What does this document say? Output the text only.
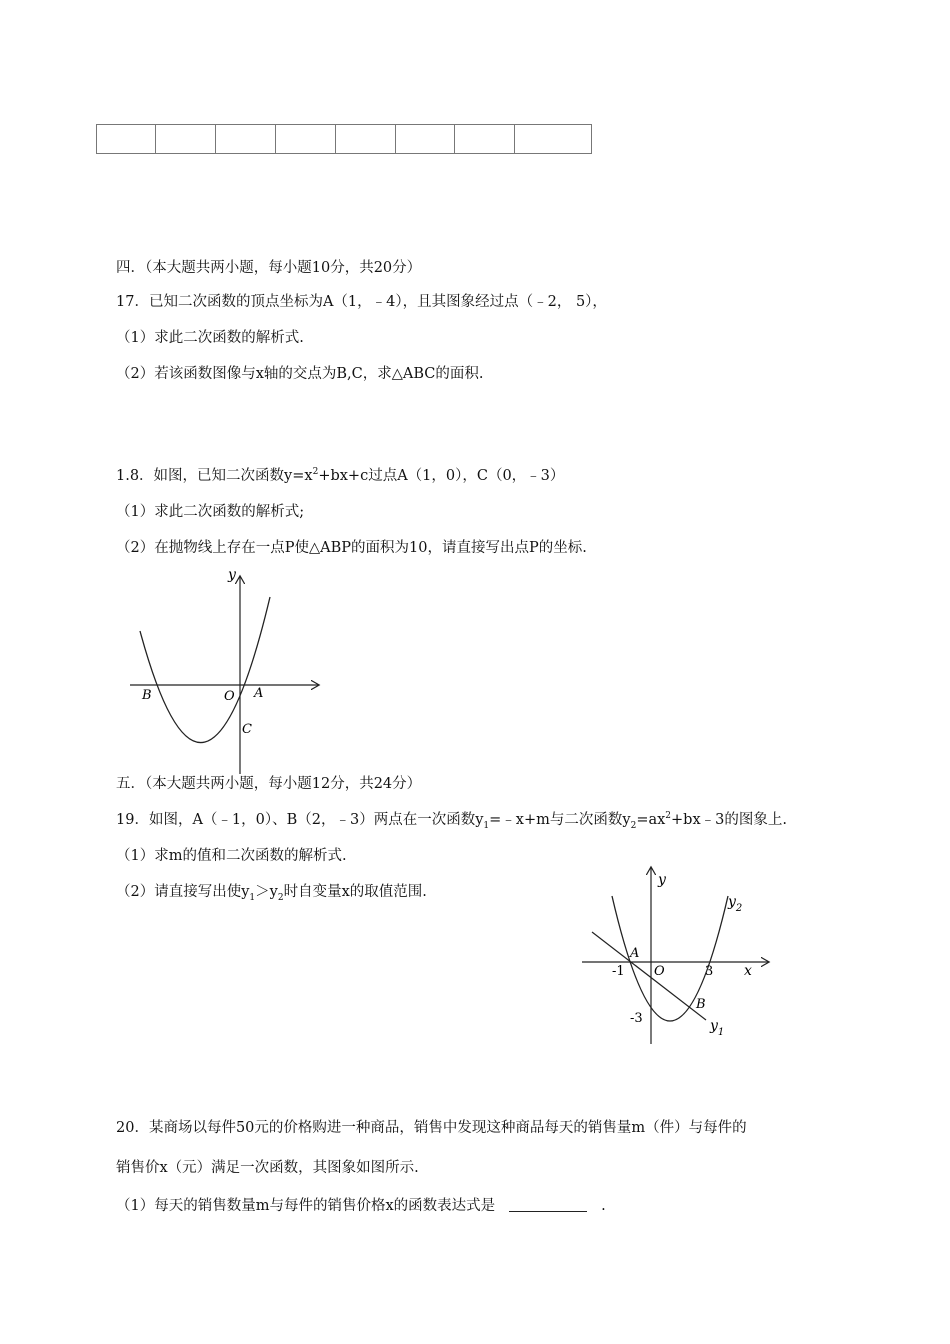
四．（本大题共两小题，每小题10分，共20分）
17．已知二次函数的顶点坐标为A（1，﹣4），且其图象经过点（﹣2， 5），
（1）求此二次函数的解析式.
（2）若该函数图像与x轴的交点为B,C，求△ABC的面积.
1.8．如图，已知二次函数$y=x^2+bx+c$过点A（1，0），C（0，﹣3）
（1）求此二次函数的解析式;
（2）在抛物线上存在一点P使△ABP的面积为10，请直接写出点P的坐标.
y
B	O A
C
五．（本大题共两小题，每小题12分，共24分）
19．如图，A（﹣1，0）、B（2，﹣3）两点在一次函数$y_1=﹣x+m$与二次函数$y_2=ax^2+bx﹣3$的图象上.
（1）求m的值和二次函数的解析式.
（2）请直接写出使$y_1>y_2$时自变量x的取值范围.
y
x
A
O
-1	3
-3
B
$y_1$
$y_2$
20．某商场以每件50元的价格购进一种商品，销售中发现这种商品每天的销售量m（件）与每件的
销售价x（元）满足一次函数，其图象如图所示.
（1）每天的销售数量m与每件的销售价格x的函数表达式是	.
